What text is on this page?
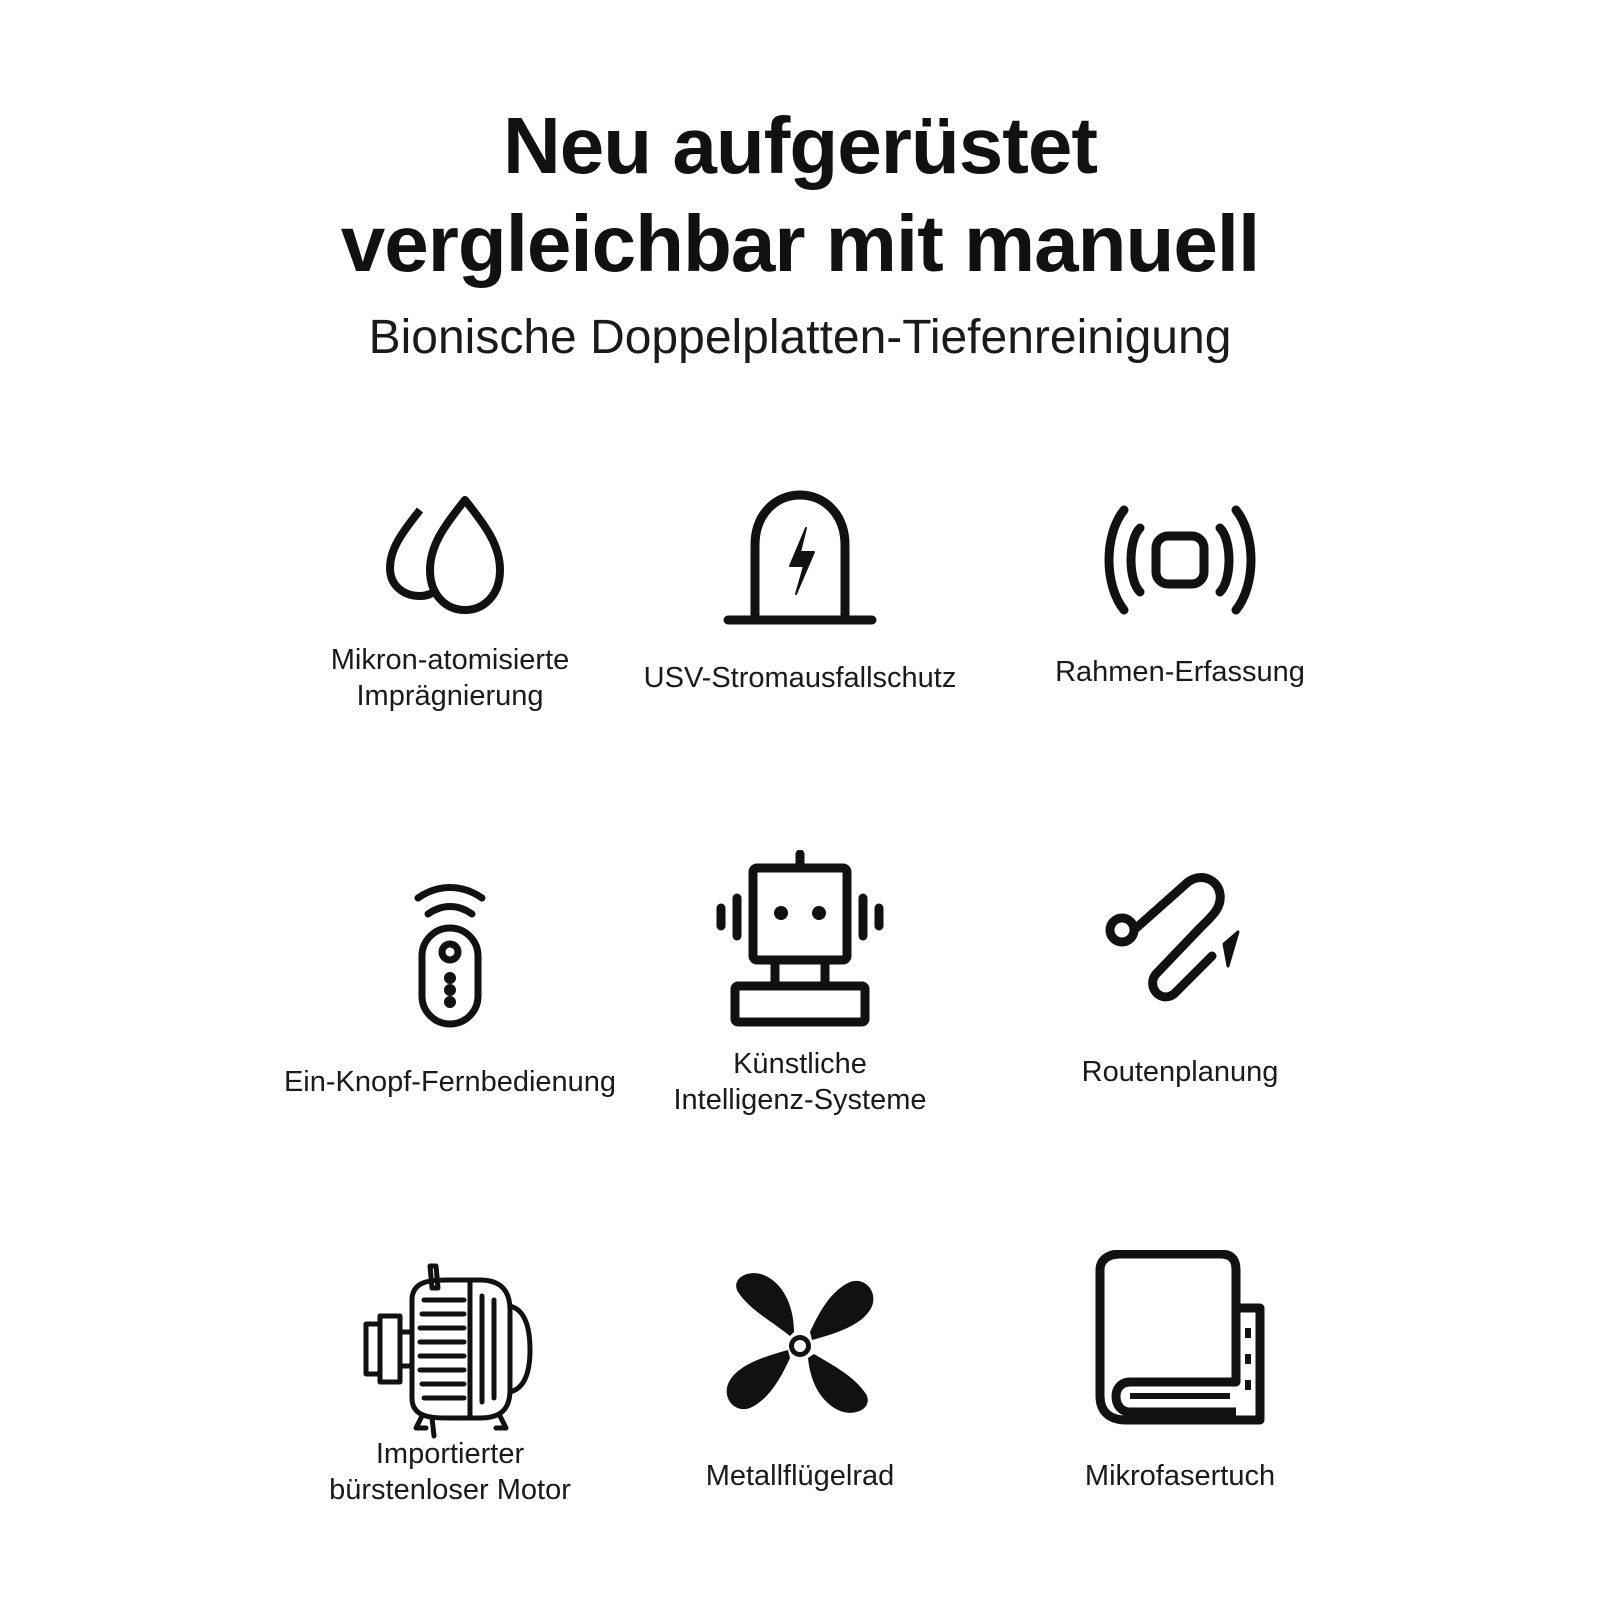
Neu aufgerüstet
vergleichbar mit manuell
Bionische Doppelplatten-Tiefenreinigung
Mikron-atomisierte
Imprägnierung
USV-Stromausfallschutz	Rahmen-Erfassung
Ein-Knopf-Fernbedienung
Künstliche
Intelligenz-Systeme
Routenplanung
Importierter
bürstenloser Motor	Metallflügelrad	Mikrofasertuch
